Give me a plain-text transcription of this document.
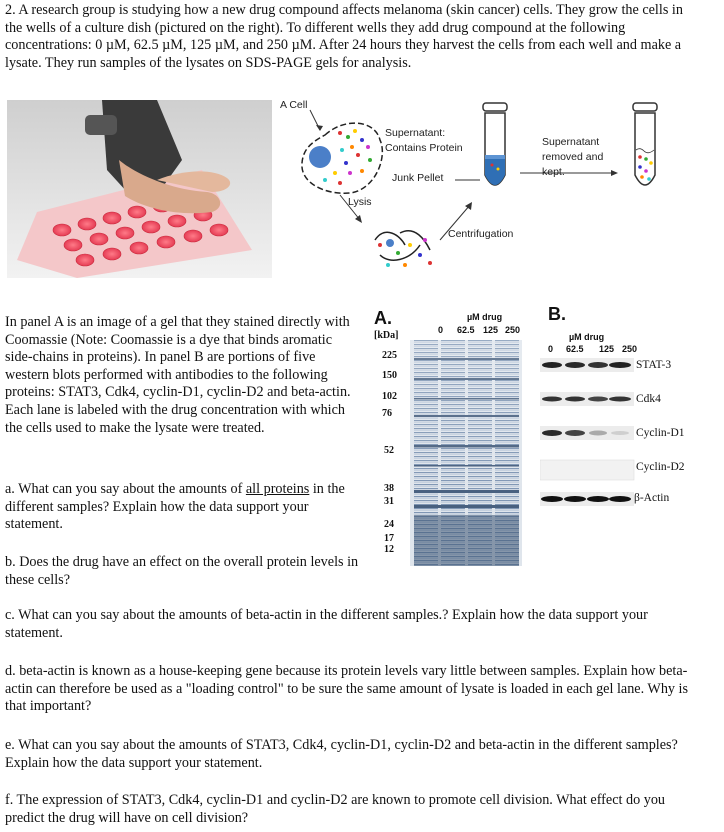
2. A research group is studying how a new drug compound affects melanoma (skin cancer) cells. They grow the cells in the wells of a culture dish (pictured on the right). To different wells they add drug compound at the following concentrations: 0 µM, 62.5 µM, 125 µM, and 250 µM. After 24 hours they harvest the cells from each well and make a lysate. They run samples of the lysates on SDS-PAGE gels for analysis.

A Cell
Supernatant:
Contains Protein
Junk Pellet
Lysis
Centrifugation
Supernatant
removed and
kept.

In panel A is an image of a gel that they stained directly with Coomassie (Note: Coomassie is a dye that binds aromatic side-chains in proteins). In panel B are portions of five western blots performed with antibodies to the following proteins: STAT3, Cdk4, cyclin-D1, cyclin-D2 and beta-actin. Each lane is labeled with the drug concentration with which the cells used to make the lysate were treated.

a. What can you say about the amounts of all proteins in the different samples? Explain how the data support your statement.

b. Does the drug have an effect on the overall protein levels in these cells?

A.	µM drug
0 62.5 125 250
[kDa]
225
150
102
76
52
38
31
24
17
12
B.
µM drug
0 62.5 125 250
STAT-3
Cdk4
Cyclin-D1
Cyclin-D2
β-Actin

c. What can you say about the amounts of beta-actin in the different samples.? Explain how the data support your statement.

d. beta-actin is known as a house-keeping gene because its protein levels vary little between samples. Explain how beta-actin can therefore be used as a "loading control" to be sure the same amount of lysate is loaded in each gel lane. Why is that important?

e. What can you say about the amounts of STAT3, Cdk4, cyclin-D1, cyclin-D2 and beta-actin in the different samples? Explain how the data support your statement.

f. The expression of STAT3, Cdk4, cyclin-D1 and cyclin-D2 are known to promote cell division. What effect do you predict the drug will have on cell division?
